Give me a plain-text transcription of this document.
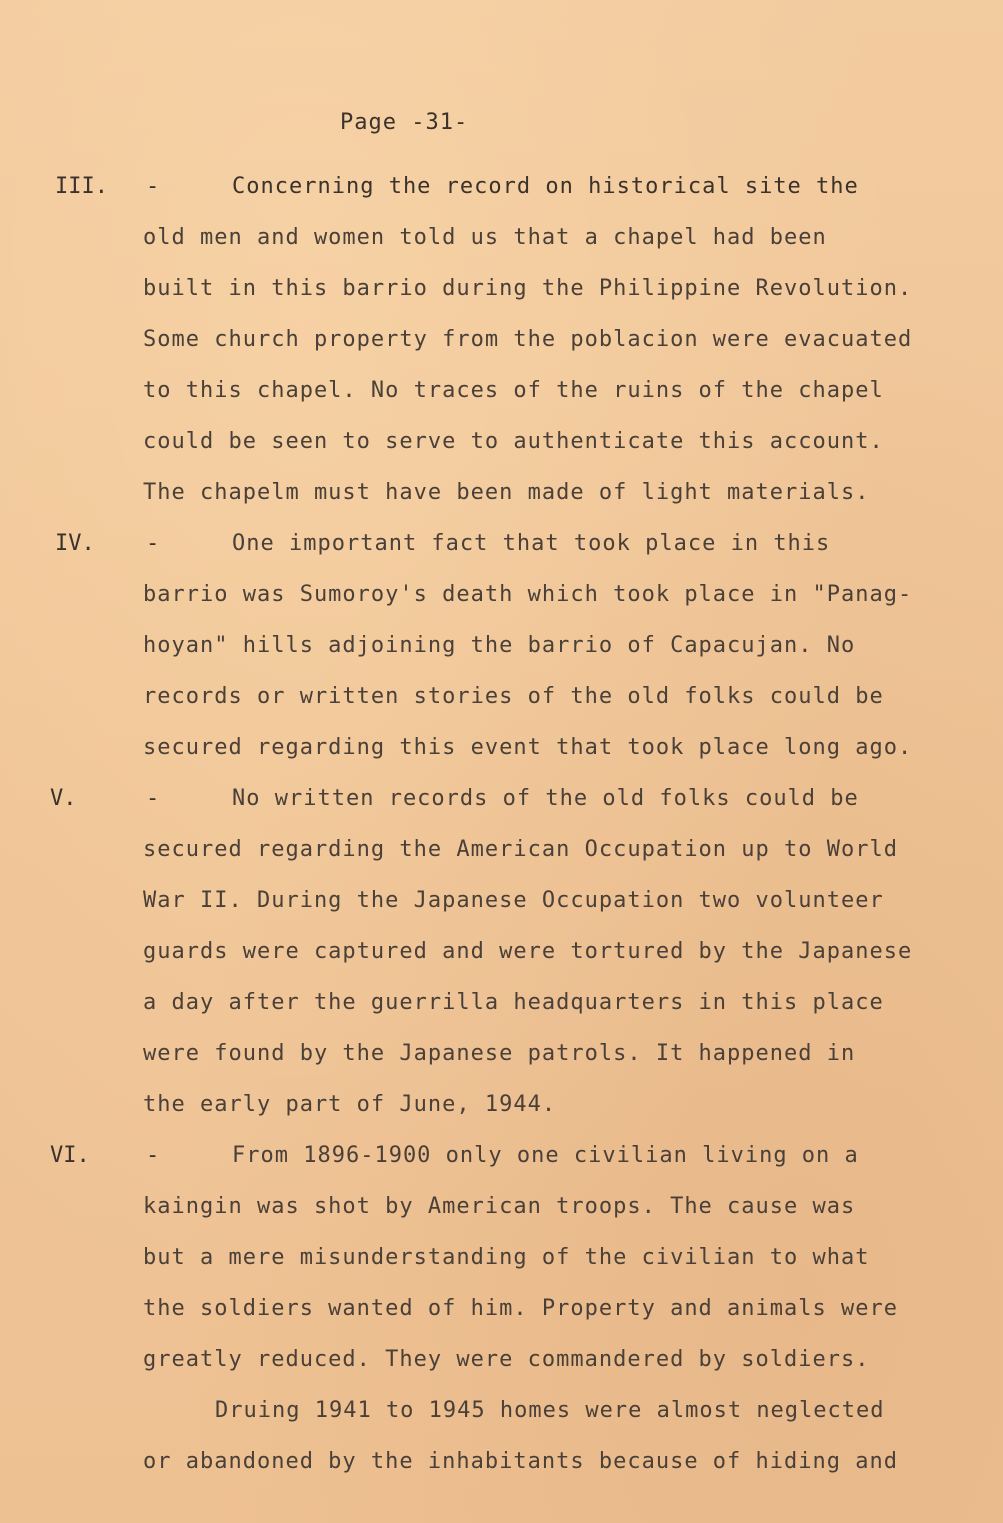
Page -31-
III. -	Concerning the record on historical site the
old men and women told us that a chapel had been
built in this barrio during the Philippine Revolution.
Some church property from the poblacion were evacuated
to this chapel. No traces of the ruins of the chapel
could be seen to serve to authenticate this account.
The chapelm must have been made of light materials.
IV. -	One important fact that took place in this
barrio was Sumoroy's death which took place in "Panag-
hoyan" hills adjoining the barrio of Capacujan. No
records or written stories of the old folks could be
secured regarding this event that took place long ago.
V.	-	No written records of the old folks could be
secured regarding the American Occupation up to World
War II. During the Japanese Occupation two volunteer
guards were captured and were tortured by the Japanese
a day after the guerrilla headquarters in this place
were found by the Japanese patrols. It happened in
the early part of June, 1944.
VI.	-	From 1896-1900 only one civilian living on a
kaingin was shot by American troops. The cause was
but a mere misunderstanding of the civilian to what
the soldiers wanted of him. Property and animals were
greatly reduced. They were commandered by soldiers.
Druing 1941 to 1945 homes were almost neglected
or abandoned by the inhabitants because of hiding and
